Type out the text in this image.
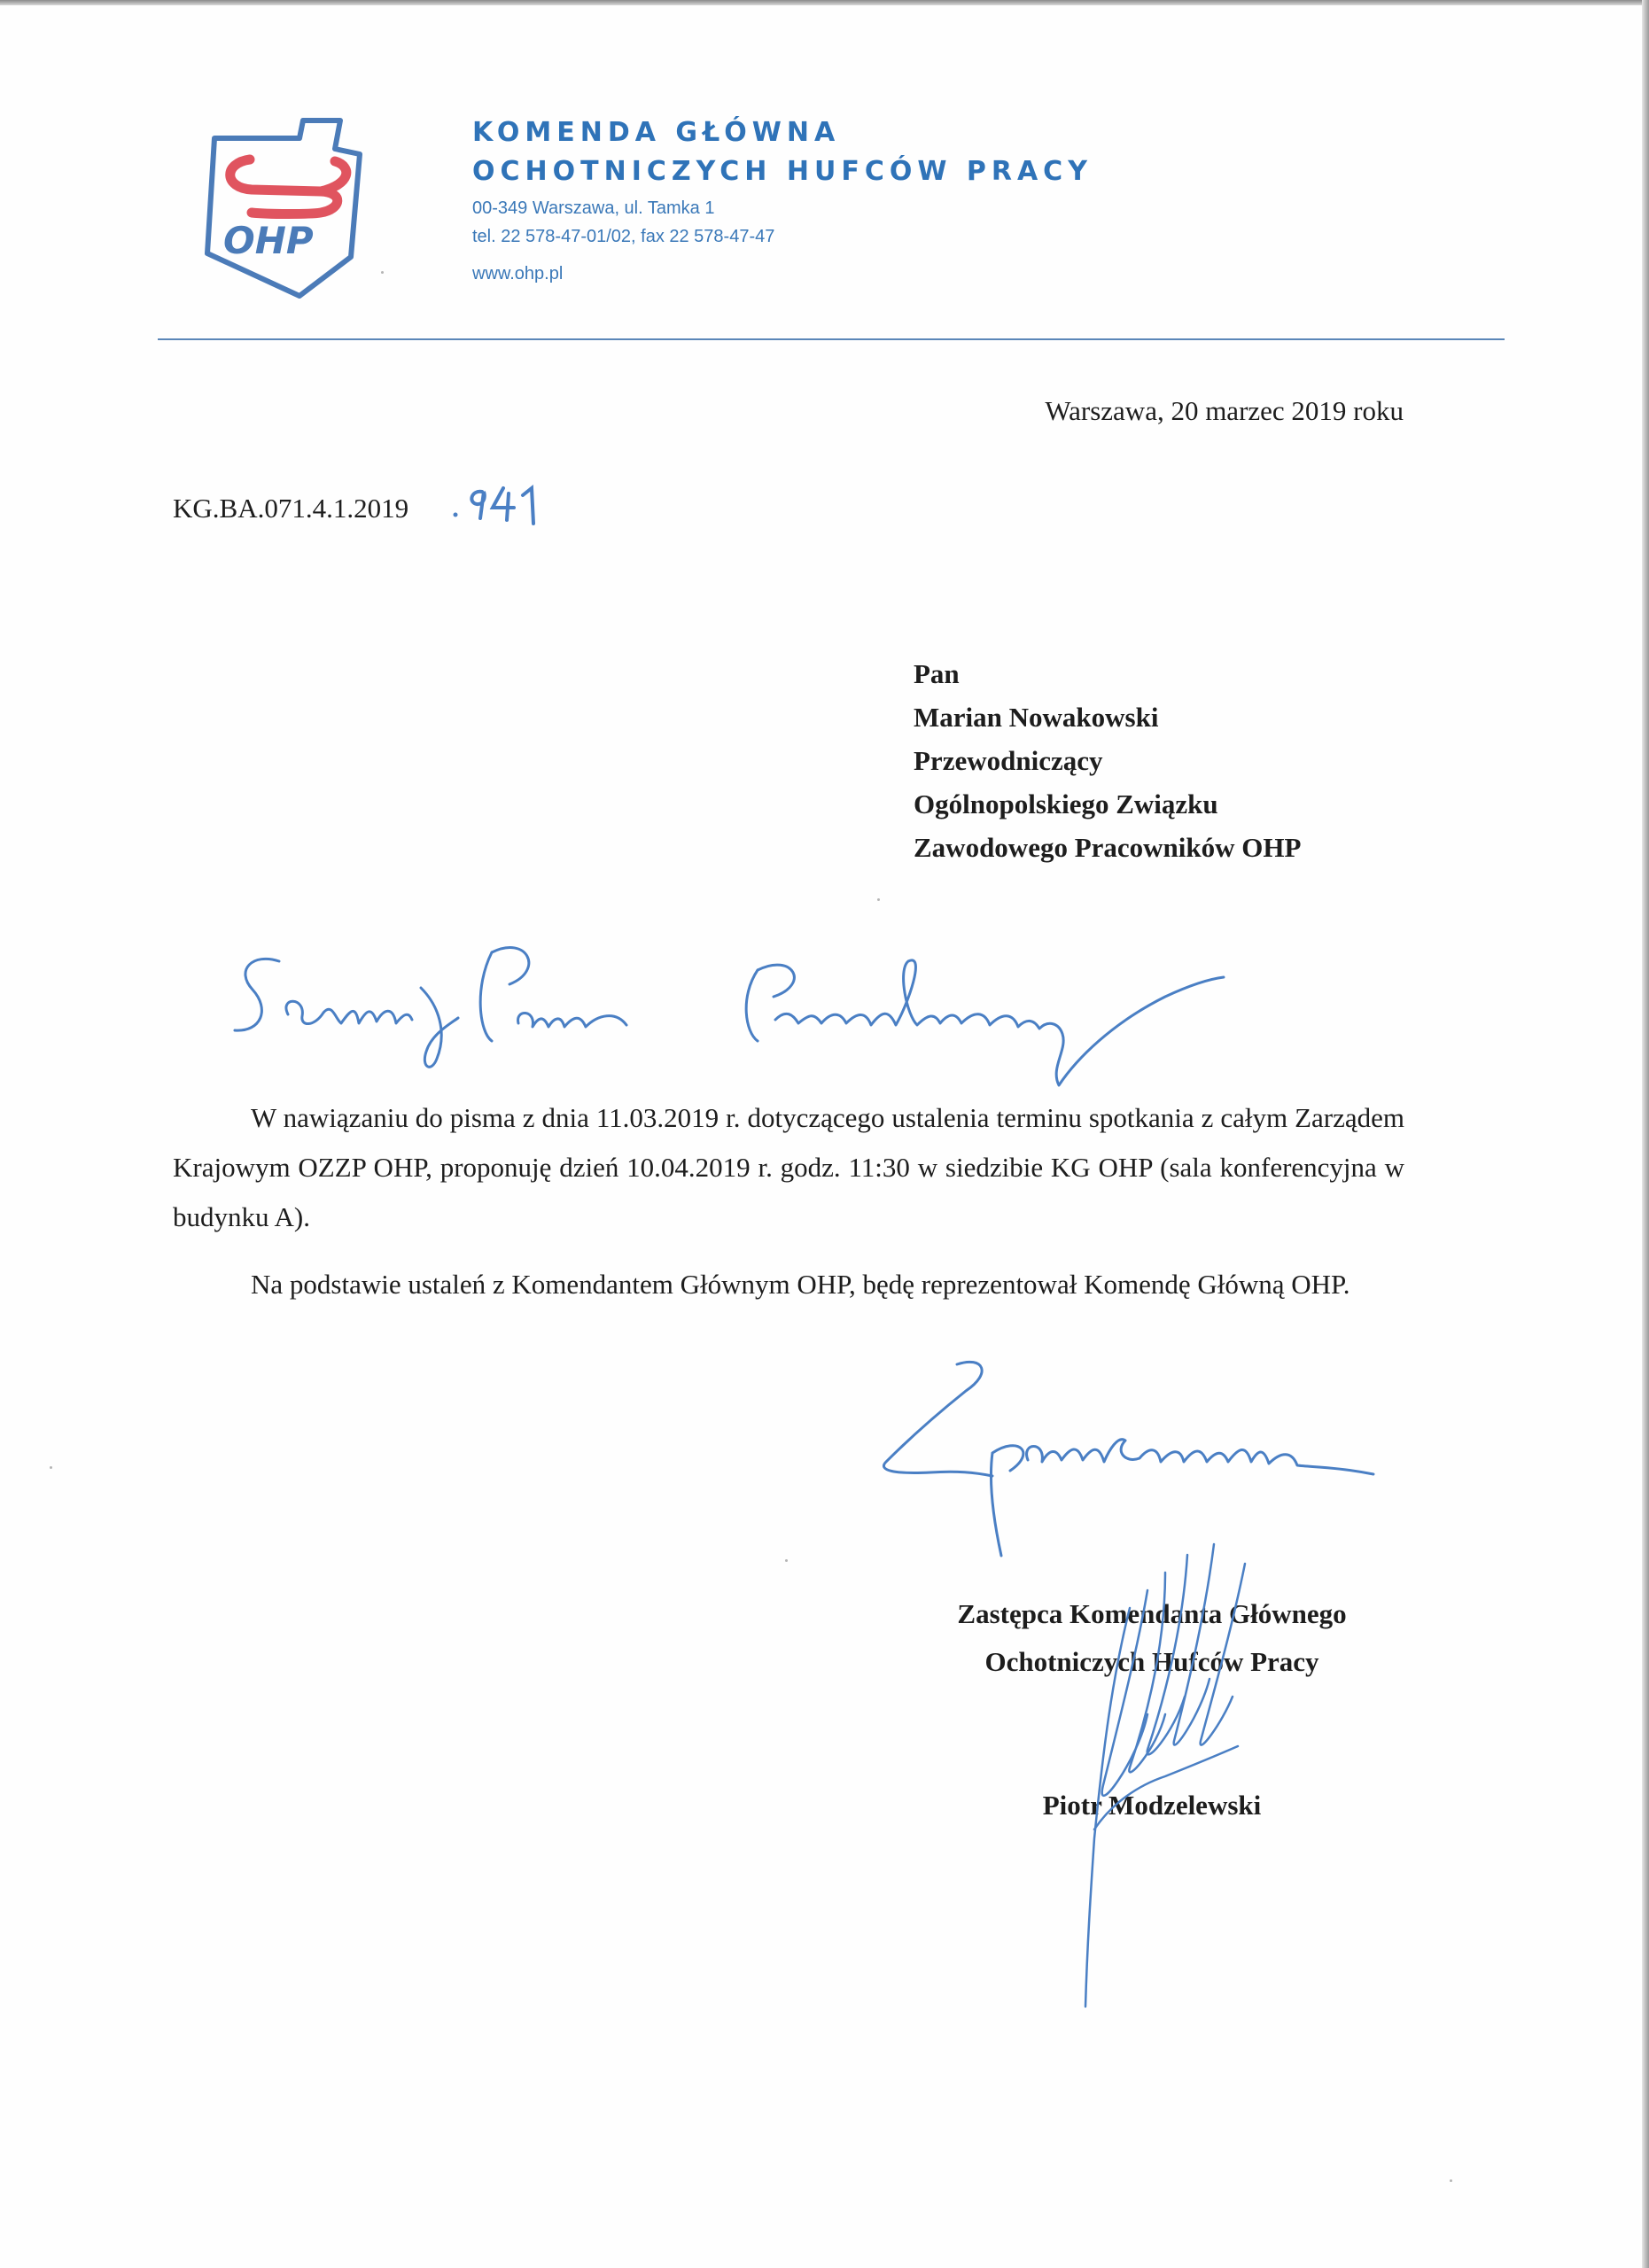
OHP
KOMENDA GŁÓWNA
OCHOTNICZYCH HUFCÓW PRACY
00-349 Warszawa, ul. Tamka 1
tel. 22 578-47-01/02, fax 22 578-47-47
www.ohp.pl
Warszawa, 20 marzec 2019 roku
KG.BA.071.4.1.2019
Pan
Marian Nowakowski
Przewodniczący
Ogólnopolskiego Związku
Zawodowego Pracowników OHP

W nawiązaniu do pisma z dnia 11.03.2019 r. dotyczącego ustalenia terminu spotkania z całym Zarządem Krajowym OZZP OHP, proponuję dzień 10.04.2019 r. godz. 11:30 w siedzibie KG OHP (sala konferencyjna w budynku A).

Na podstawie ustaleń z Komendantem Głównym OHP, będę reprezentował Komendę Główną OHP.

Zastępca Komendanta Głównego
Ochotniczych Hufców Pracy
Piotr Modzelewski
